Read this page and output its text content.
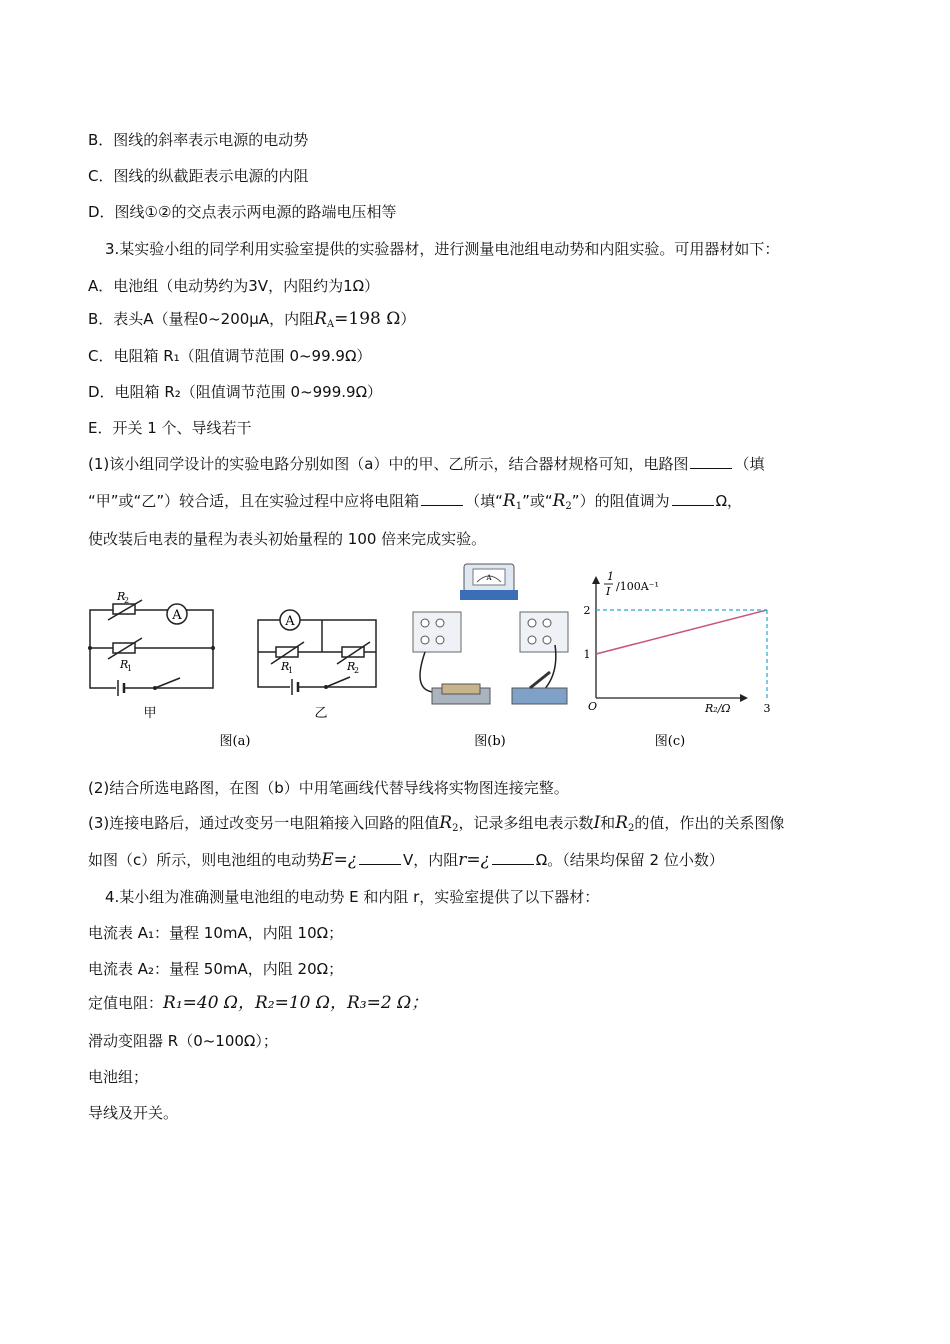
B．图线的斜率表示电源的电动势
C．图线的纵截距表示电源的内阻
D．图线①②的交点表示两电源的路端电压相等
3.某实验小组的同学利用实验室提供的实验器材，进行测量电池组电动势和内阻实验。可用器材如下：
A．电池组（电动势约为3V，内阻约为1Ω）
B．表头A（量程0~200μA，内阻$R_A=198$ Ω）
C．电阻箱 R₁（阻值调节范围 0~99.9Ω）
D．电阻箱 R₂（阻值调节范围 0~999.9Ω）
E．开关 1 个、导线若干
(1)该小组同学设计的实验电路分别如图（a）中的甲、乙所示，结合器材规格可知，电路图	（填
“甲”或“乙”）较合适，且在实验过程中应将电阻箱	（填“$R_1$”或“$R_2$”）的阻值调为	Ω，
使改装后电表的量程为表头初始量程的 100 倍来完成实验。
A
R
2
R
1
甲
图(a)
A
R
1	R
2
乙
A
图(b)
2
1
3
1
I /100A⁻¹
O	R₂/Ω
图(c)
(2)结合所选电路图，在图（b）中用笔画线代替导线将实物图连接完整。
(3)连接电路后，通过改变另一电阻箱接入回路的阻值$R_2$，记录多组电表示数I和$R_2$的值，作出的关系图像
如图（c）所示，则电池组的电动势E=¿	V，内阻r=¿	Ω。（结果均保留 2 位小数）
4.某小组为准确测量电池组的电动势 E 和内阻 r，实验室提供了以下器材：
电流表 A₁：量程 10mA，内阻 10Ω；
电流表 A₂：量程 50mA，内阻 20Ω；
定值电阻：R₁=40 Ω，R₂=10 Ω，R₃=2 Ω；
滑动变阻器 R（0~100Ω）；
电池组；
导线及开关。
